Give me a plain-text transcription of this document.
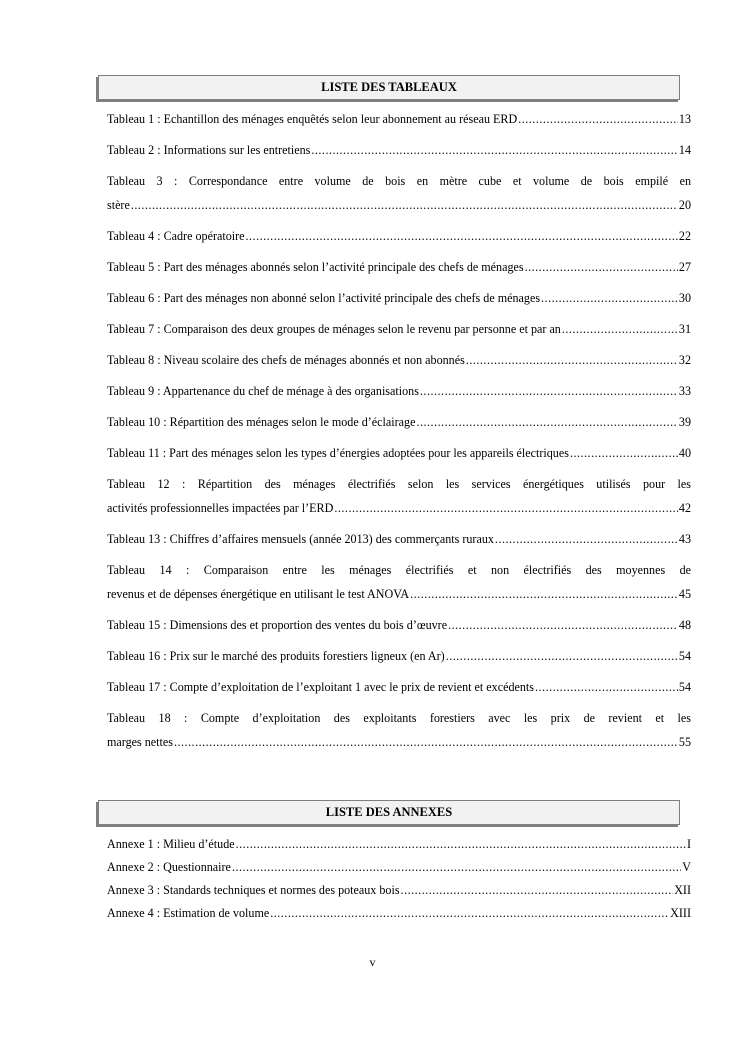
LISTE DES TABLEAUX
Tableau 1 : Echantillon des ménages enquêtés selon leur abonnement au réseau ERD .....	13
Tableau 2 : Informations sur les entretiens .....	14
Tableau 3 : Correspondance entre volume de bois en mètre cube et volume de bois empilé en
stère .....	20
Tableau 4 : Cadre opératoire .....	22
Tableau 5 : Part des ménages abonnés selon l’activité principale des chefs de ménages .....	27
Tableau 6 : Part des ménages non abonné selon l’activité principale des chefs de ménages .....	30
Tableau 7 : Comparaison des deux groupes de ménages selon le revenu par personne et par an .....	31
Tableau 8 : Niveau scolaire des chefs de ménages abonnés et non abonnés .....	32
Tableau 9 : Appartenance du chef de ménage à des organisations .....	33
Tableau 10 : Répartition des ménages selon le mode d’éclairage .....	39
Tableau 11 : Part des ménages selon les types d’énergies adoptées pour les appareils électriques .....	40
Tableau 12 : Répartition des ménages électrifiés selon les services énergétiques utilisés pour les
activités professionnelles impactées par l’ERD .....	42
Tableau 13 : Chiffres d’affaires mensuels (année 2013) des commerçants ruraux .....	43
Tableau 14 : Comparaison entre les ménages électrifiés et non électrifiés des moyennes de
revenus et de dépenses énergétique en utilisant le test ANOVA .....	45
Tableau 15 : Dimensions des et proportion des ventes du bois d’œuvre .....	48
Tableau 16 : Prix sur le marché des produits forestiers ligneux (en Ar) .....	54
Tableau 17 : Compte d’exploitation de l’exploitant 1 avec le prix de revient et excédents .....	54
Tableau 18 : Compte d’exploitation des exploitants forestiers avec les prix de revient et les
marges nettes .....	55
LISTE DES ANNEXES
Annexe 1 : Milieu d’étude .....	I
Annexe 2 : Questionnaire .....	V
Annexe 3 : Standards techniques et normes des poteaux bois .....	XII
Annexe 4 : Estimation de volume .....	XIII
v
